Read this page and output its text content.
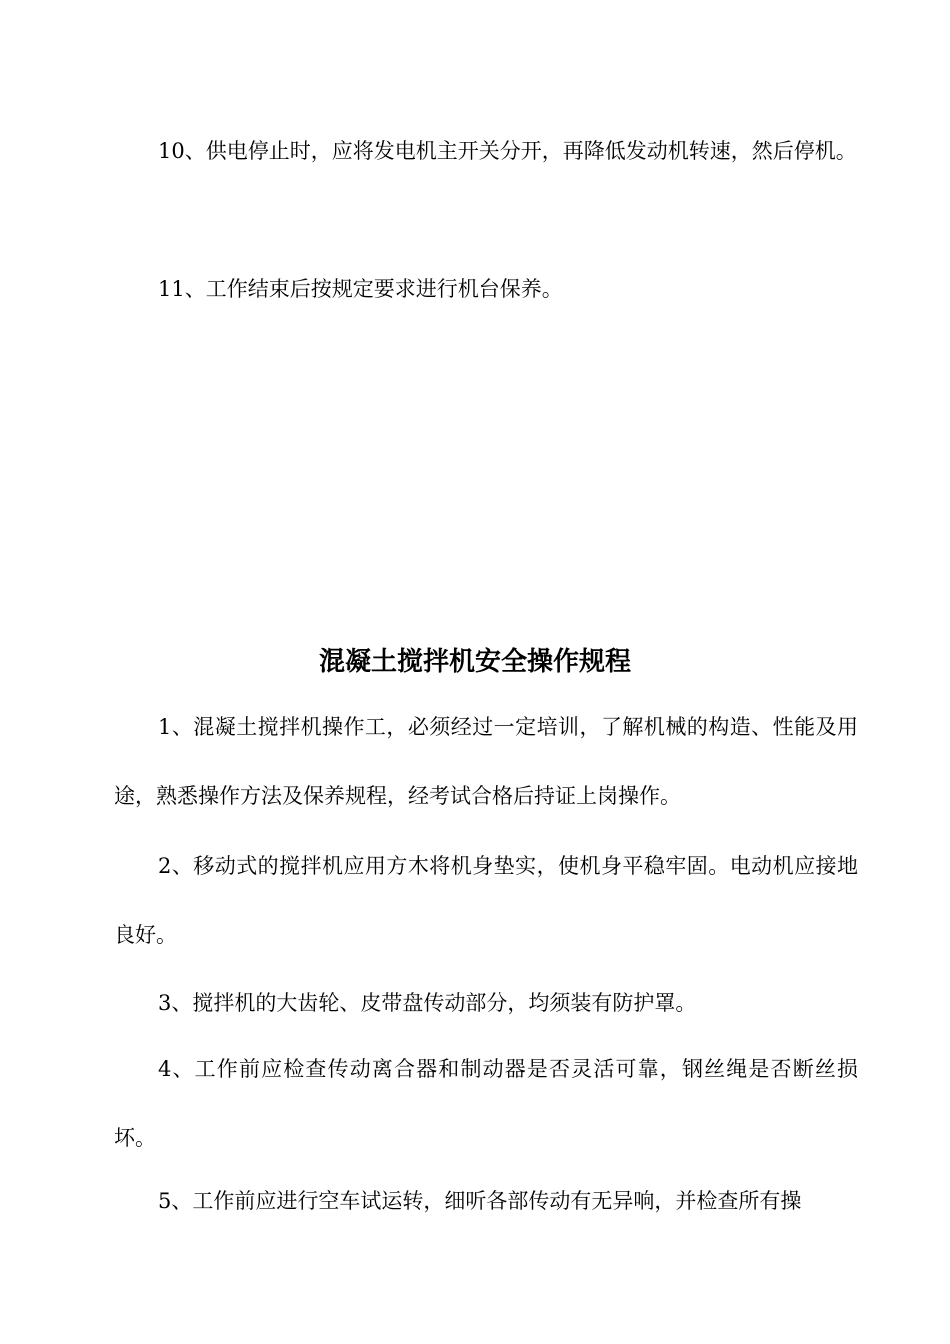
10、供电停止时，应将发电机主开关分开，再降低发动机转速，然后停机。

11、工作结束后按规定要求进行机台保养。

混凝土搅拌机安全操作规程

1、混凝土搅拌机操作工，必须经过一定培训，了解机械的构造、性能及用途，熟悉操作方法及保养规程，经考试合格后持证上岗操作。

2、移动式的搅拌机应用方木将机身垫实，使机身平稳牢固。电动机应接地良好。

3、搅拌机的大齿轮、皮带盘传动部分，均须装有防护罩。

4、工作前应检查传动离合器和制动器是否灵活可靠，钢丝绳是否断丝损坏。

5、工作前应进行空车试运转，细听各部传动有无异响，并检查所有操
